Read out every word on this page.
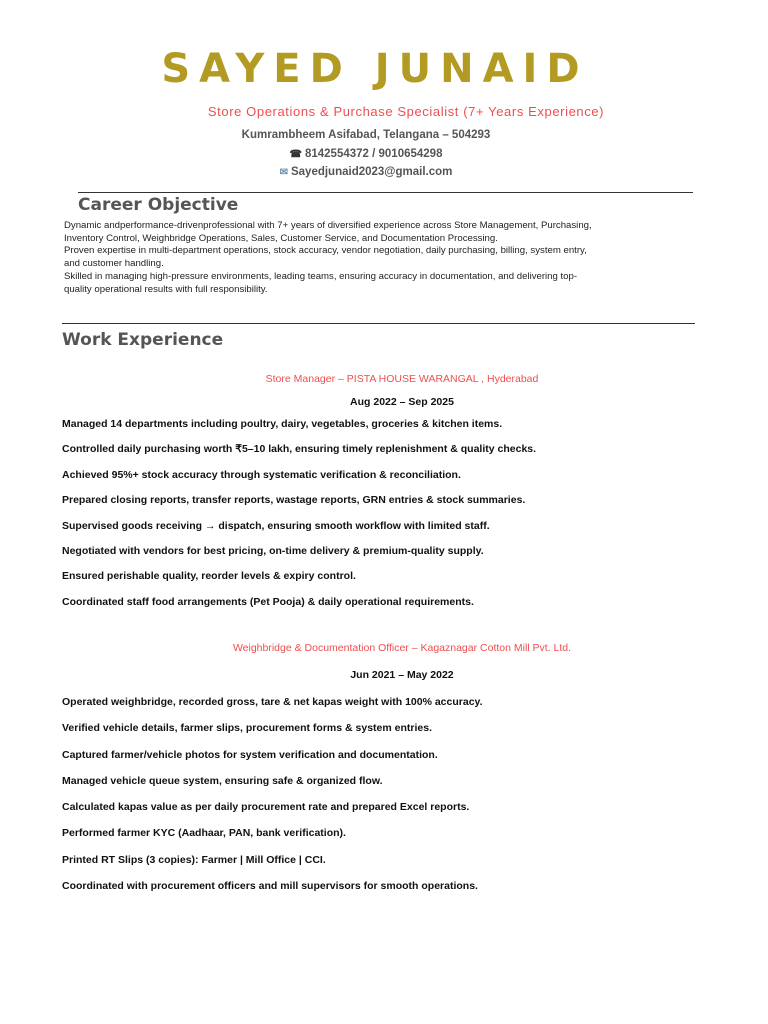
SAYED JUNAID
Store Operations & Purchase Specialist (7+ Years Experience)
Kumrambheem Asifabad, Telangana – 504293
☎ 8142554372 / 9010654298
✉ Sayedjunaid2023@gmail.com
Career Objective
Dynamic andperformance-drivenprofessional with 7+ years of diversified experience across Store Management, Purchasing,
Inventory Control, Weighbridge Operations, Sales, Customer Service, and Documentation Processing.
Proven expertise in multi-department operations, stock accuracy, vendor negotiation, daily purchasing, billing, system entry,
and customer handling.
Skilled in managing high-pressure environments, leading teams, ensuring accuracy in documentation, and delivering top-
quality operational results with full responsibility.
Work Experience
Store Manager – PISTA HOUSE WARANGAL , Hyderabad
Aug 2022 – Sep 2025
Managed 14 departments including poultry, dairy, vegetables, groceries & kitchen items.
Controlled daily purchasing worth ₹5–10 lakh, ensuring timely replenishment & quality checks.
Achieved 95%+ stock accuracy through systematic verification & reconciliation.
Prepared closing reports, transfer reports, wastage reports, GRN entries & stock summaries.
Supervised goods receiving → dispatch, ensuring smooth workflow with limited staff.
Negotiated with vendors for best pricing, on-time delivery & premium-quality supply.
Ensured perishable quality, reorder levels & expiry control.
Coordinated staff food arrangements (Pet Pooja) & daily operational requirements.
Weighbridge & Documentation Officer – Kagaznagar Cotton Mill Pvt. Ltd.
Jun 2021 – May 2022
Operated weighbridge, recorded gross, tare & net kapas weight with 100% accuracy.
Verified vehicle details, farmer slips, procurement forms & system entries.
Captured farmer/vehicle photos for system verification and documentation.
Managed vehicle queue system, ensuring safe & organized flow.
Calculated kapas value as per daily procurement rate and prepared Excel reports.
Performed farmer KYC (Aadhaar, PAN, bank verification).
Printed RT Slips (3 copies): Farmer | Mill Office | CCI.
Coordinated with procurement officers and mill supervisors for smooth operations.
